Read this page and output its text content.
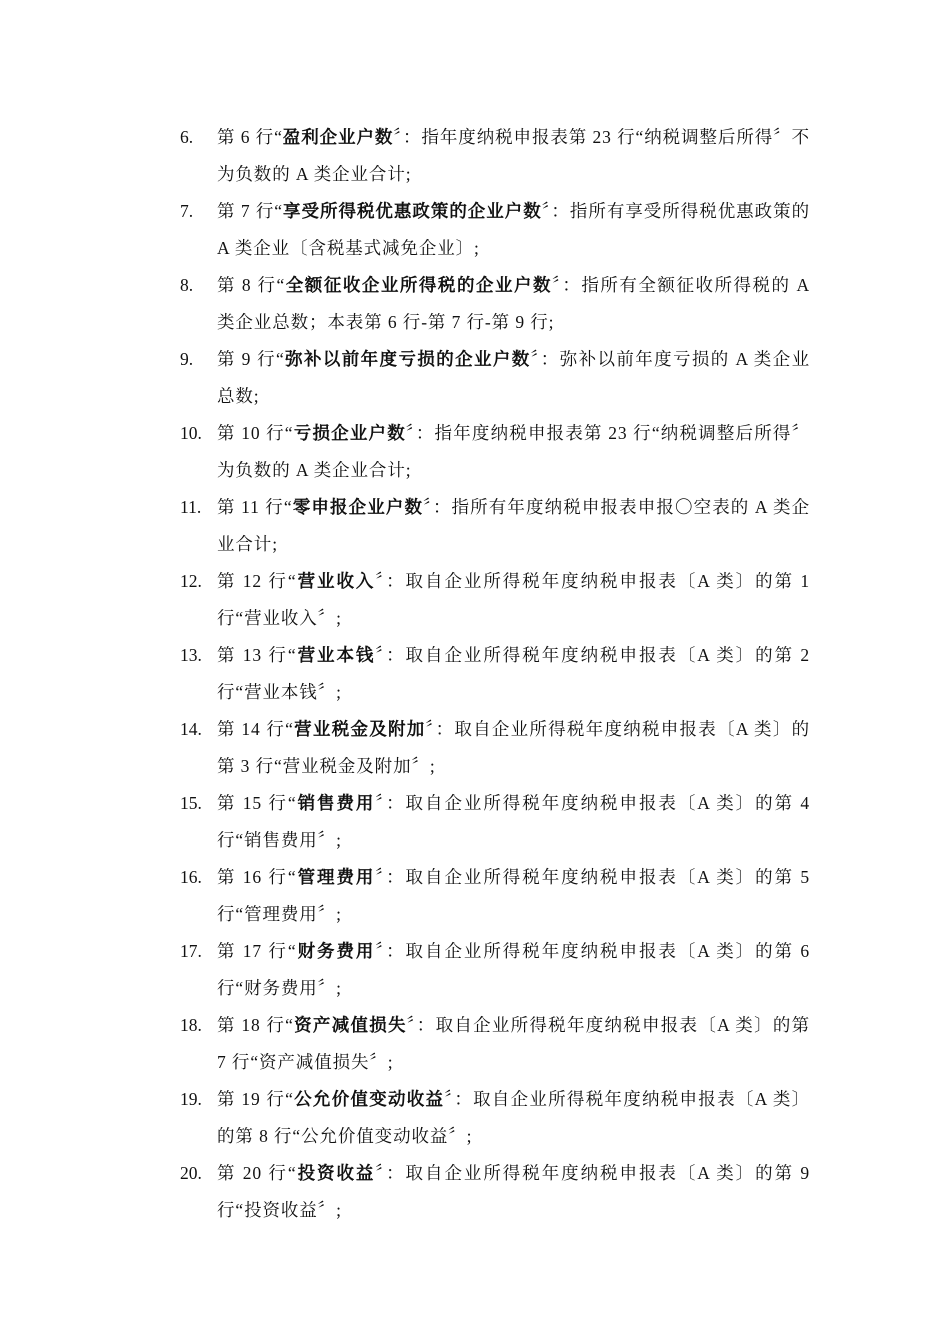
6. 第 6 行“盈利企业户数〞：指年度纳税申报表第 23 行“纳税调整后所得〞不为负数的 A 类企业合计;
7. 第 7 行“享受所得税优惠政策的企业户数〞：指所有享受所得税优惠政策的 A 类企业〔含税基式减免企业〕;
8. 第 8 行“全额征收企业所得税的企业户数〞：指所有全额征收所得税的 A 类企业总数；本表第 6 行-第 7 行-第 9 行;
9. 第 9 行“弥补以前年度亏损的企业户数〞：弥补以前年度亏损的 A 类企业总数;
10. 第 10 行“亏损企业户数〞：指年度纳税申报表第 23 行“纳税调整后所得〞为负数的 A 类企业合计;
11. 第 11 行“零申报企业户数〞：指所有年度纳税申报表申报〇空表的 A 类企业合计;
12. 第 12 行“营业收入〞：取自企业所得税年度纳税申报表〔A 类〕的第 1 行“营业收入〞;
13. 第 13 行“营业本钱〞：取自企业所得税年度纳税申报表〔A 类〕的第 2 行“营业本钱〞;
14. 第 14 行“营业税金及附加〞：取自企业所得税年度纳税申报表〔A 类〕的第 3 行“营业税金及附加〞;
15. 第 15 行“销售费用〞：取自企业所得税年度纳税申报表〔A 类〕的第 4 行“销售费用〞;
16. 第 16 行“管理费用〞：取自企业所得税年度纳税申报表〔A 类〕的第 5 行“管理费用〞;
17. 第 17 行“财务费用〞：取自企业所得税年度纳税申报表〔A 类〕的第 6 行“财务费用〞;
18. 第 18 行“资产减值损失〞：取自企业所得税年度纳税申报表〔A 类〕的第 7 行“资产减值损失〞;
19. 第 19 行“公允价值变动收益〞：取自企业所得税年度纳税申报表〔A 类〕的第 8 行“公允价值变动收益〞;
20. 第 20 行“投资收益〞：取自企业所得税年度纳税申报表〔A 类〕的第 9 行“投资收益〞;
